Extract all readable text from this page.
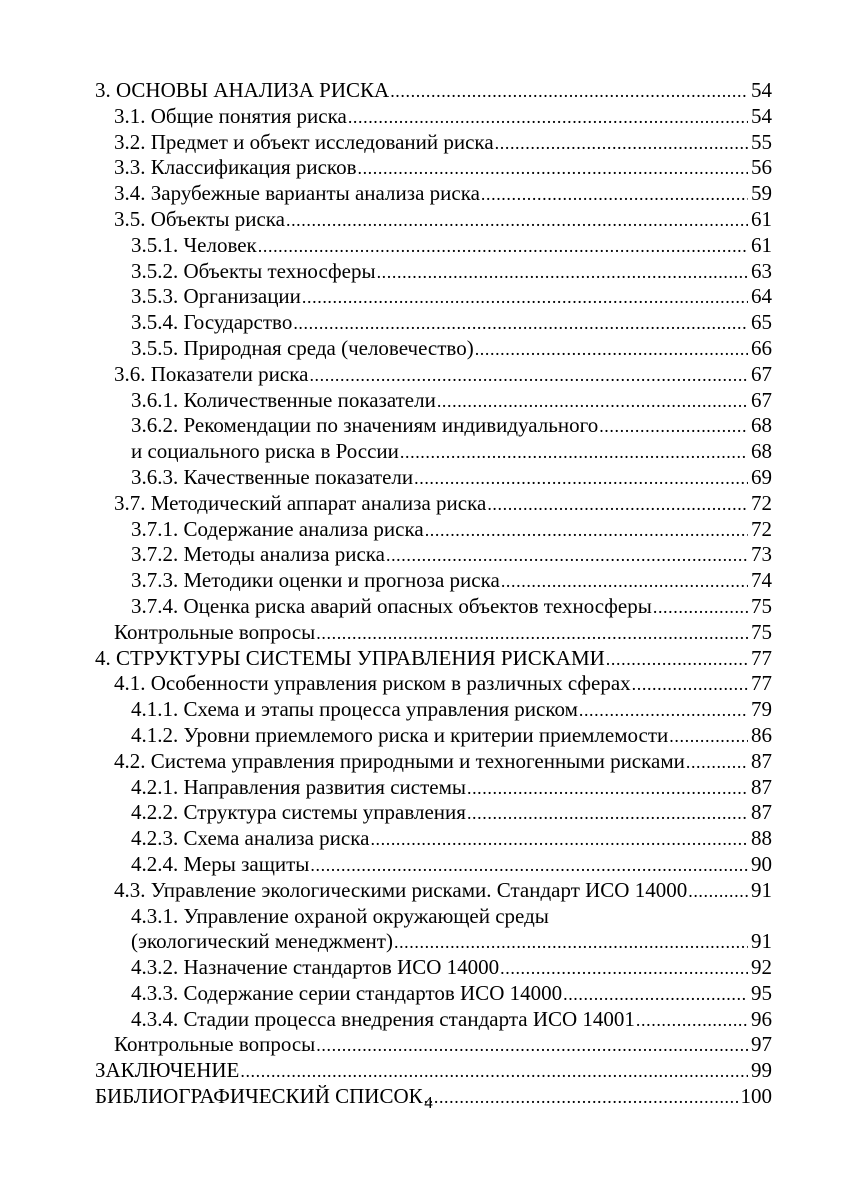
3. ОСНОВЫ АНАЛИЗА РИСКА .....	54
3.1. Общие понятия риска .....	54
3.2. Предмет и объект исследований риска .....	55
3.3. Классификация рисков .....	56
3.4. Зарубежные варианты анализа риска .....	59
3.5. Объекты риска .....	61
3.5.1. Человек .....	61
3.5.2. Объекты техносферы .....	63
3.5.3. Организации .....	64
3.5.4. Государство .....	65
3.5.5. Природная среда (человечество) .....	66
3.6. Показатели риска .....	67
3.6.1. Количественные показатели .....	67
3.6.2. Рекомендации по значениям индивидуального .....	68
и социального риска в России .....	68
3.6.3. Качественные показатели .....	69
3.7. Методический аппарат анализа риска .....	72
3.7.1. Содержание анализа риска .....	72
3.7.2. Методы анализа риска .....	73
3.7.3. Методики оценки и прогноза риска .....	74
3.7.4. Оценка риска аварий опасных объектов техносферы .....	75
Контрольные вопросы .....	75
4. СТРУКТУРЫ СИСТЕМЫ УПРАВЛЕНИЯ РИСКАМИ .....	77
4.1. Особенности управления риском в различных сферах .....	77
4.1.1. Схема и этапы процесса управления риском .....	79
4.1.2. Уровни приемлемого риска и критерии приемлемости .....	86
4.2. Система управления природными и техногенными рисками .....	87
4.2.1. Направления развития системы .....	87
4.2.2. Структура системы управления .....	87
4.2.3. Схема анализа риска .....	88
4.2.4. Меры защиты .....	90
4.3. Управление экологическими рисками. Стандарт ИСО 14000 .....	91
4.3.1. Управление охраной окружающей среды
(экологический менеджмент) .....	91
4.3.2. Назначение стандартов ИСО 14000 .....	92
4.3.3. Содержание серии стандартов ИСО 14000 .....	95
4.3.4. Стадии процесса внедрения стандарта ИСО 14001 .....	96
Контрольные вопросы .....	97
ЗАКЛЮЧЕНИЕ .....	99
БИБЛИОГРАФИЧЕСКИЙ СПИСОК .....	100
4
